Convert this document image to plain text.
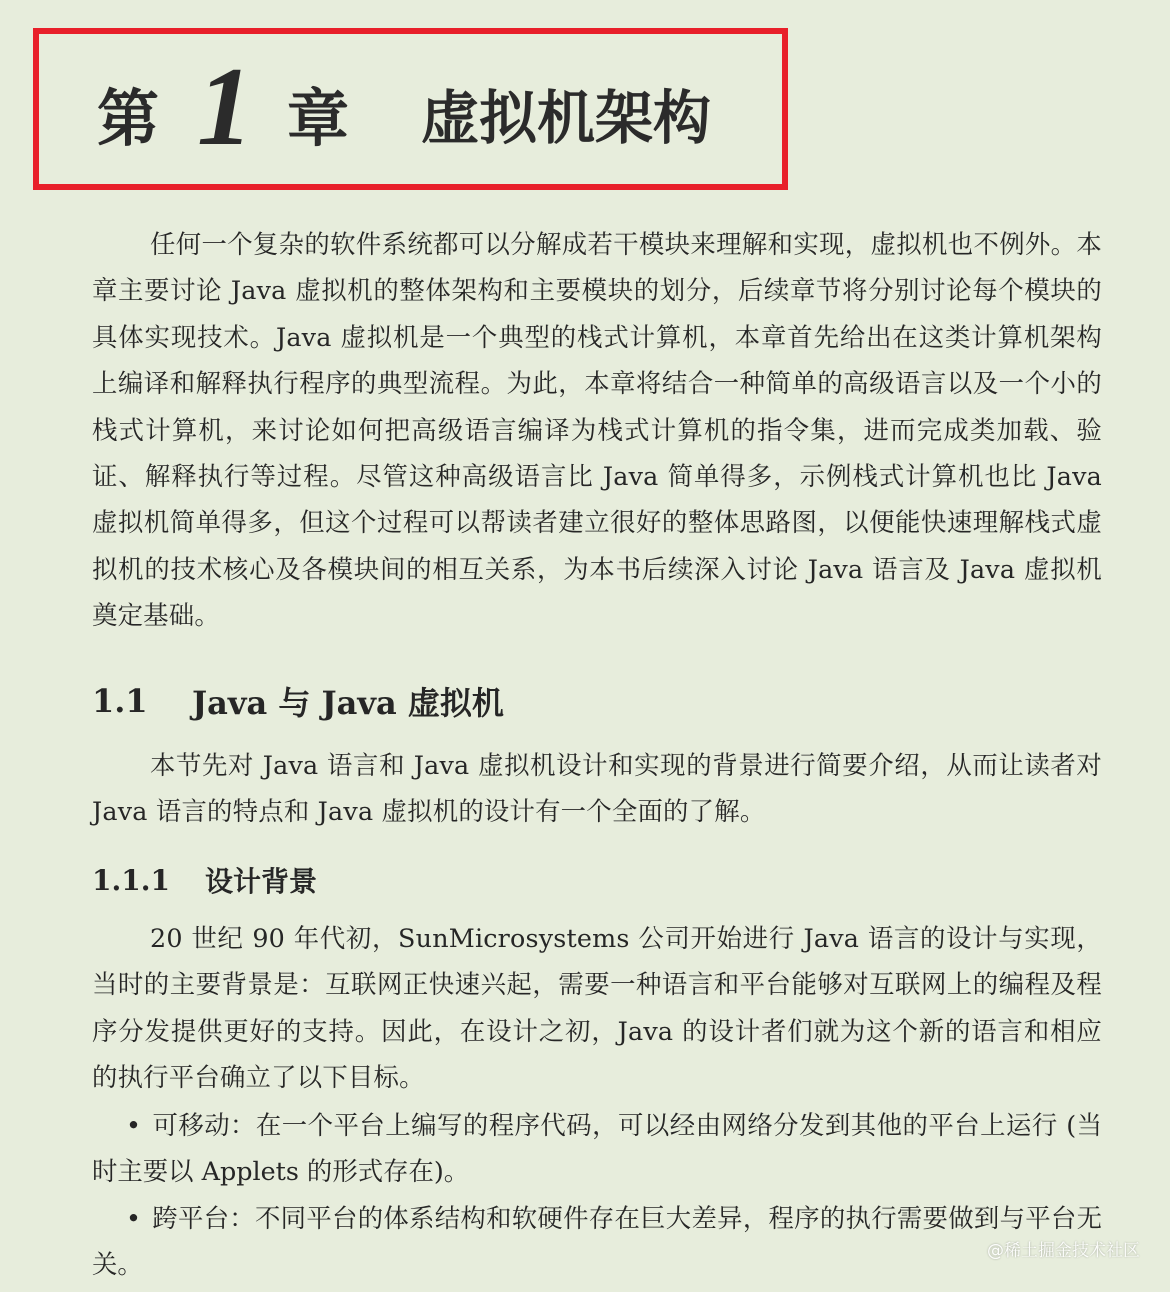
第 1 章 虚拟机架构

任何一个复杂的软件系统都可以分解成若干模块来理解和实现，虚拟机也不例外。本章主要讨论 Java 虚拟机的整体架构和主要模块的划分，后续章节将分别讨论每个模块的具体实现技术。Java 虚拟机是一个典型的栈式计算机，本章首先给出在这类计算机架构上编译和解释执行程序的典型流程。为此，本章将结合一种简单的高级语言以及一个小的栈式计算机，来讨论如何把高级语言编译为栈式计算机的指令集，进而完成类加载、验证、解释执行等过程。尽管这种高级语言比 Java 简单得多，示例栈式计算机也比 Java 虚拟机简单得多，但这个过程可以帮读者建立很好的整体思路图，以便能快速理解栈式虚拟机的技术核心及各模块间的相互关系，为本书后续深入讨论 Java 语言及 Java 虚拟机奠定基础。

1.1	Java 与 Java 虚拟机

本节先对 Java 语言和 Java 虚拟机设计和实现的背景进行简要介绍，从而让读者对 Java 语言的特点和 Java 虚拟机的设计有一个全面的了解。

1.1.1	设计背景

20 世纪 90 年代初，SunMicrosystems 公司开始进行 Java 语言的设计与实现，当时的主要背景是：互联网正快速兴起，需要一种语言和平台能够对互联网上的编程及程序分发提供更好的支持。因此，在设计之初，Java 的设计者们就为这个新的语言和相应的执行平台确立了以下目标。

• 可移动：在一个平台上编写的程序代码，可以经由网络分发到其他的平台上运行 (当时主要以 Applets 的形式存在)。

• 跨平台：不同平台的体系结构和软硬件存在巨大差异，程序的执行需要做到与平台无关。	@稀土掘金技术社区
